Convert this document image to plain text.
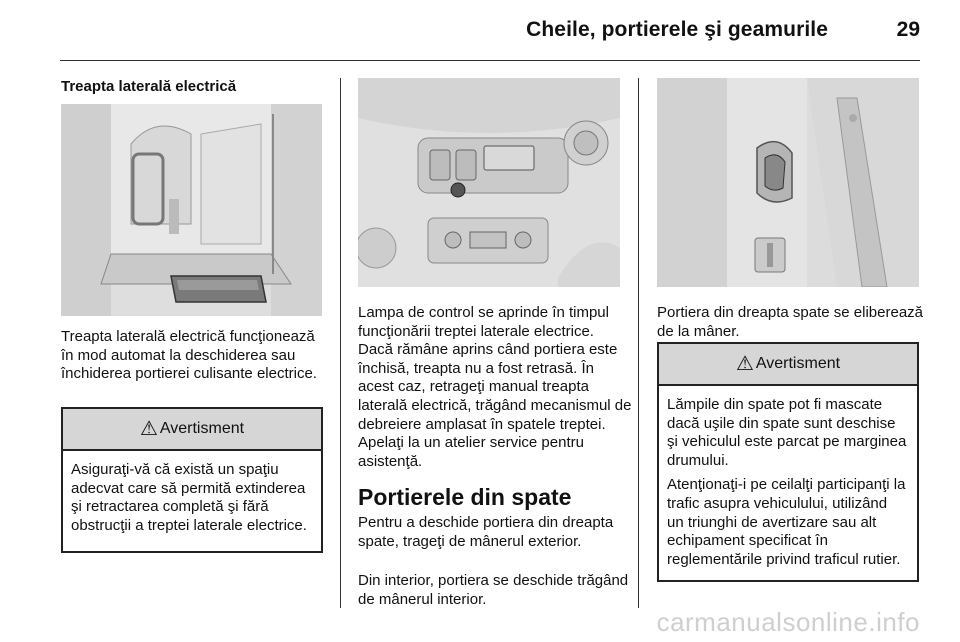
Cheile, portierele şi geamurile	29
Treapta laterală electrică
Treapta laterală electrică funcţionează în mod automat la deschiderea sau închiderea portierei culisante electrice.
⚠ Avertisment

Asiguraţi-vă că există un spaţiu adecvat care să permită extinderea şi retractarea completă şi fără obstrucţii a treptei laterale electrice.

Lampa de control se aprinde în timpul funcţionării treptei laterale electrice. Dacă rămâne aprins când portiera este închisă, treapta nu a fost retrasă. În acest caz, retrageţi manual treapta laterală electrică, trăgând mecanismul de debreiere amplasat în spatele treptei. Apelaţi la un atelier service pentru asistenţă.
Portierele din spate
Pentru a deschide portiera din dreapta spate, trageţi de mânerul exterior.
Din interior, portiera se deschide trăgând de mânerul interior.
Portiera din dreapta spate se eliberează de la mâner.
⚠ Avertisment

Lămpile din spate pot fi mascate dacă uşile din spate sunt deschise şi vehiculul este parcat pe marginea drumului.

Atenţionaţi-i pe ceilalţi participanţi la trafic asupra vehiculului, utilizând un triunghi de avertizare sau alt echipament specificat în reglementările privind traficul rutier.

carmanualsonline.info
